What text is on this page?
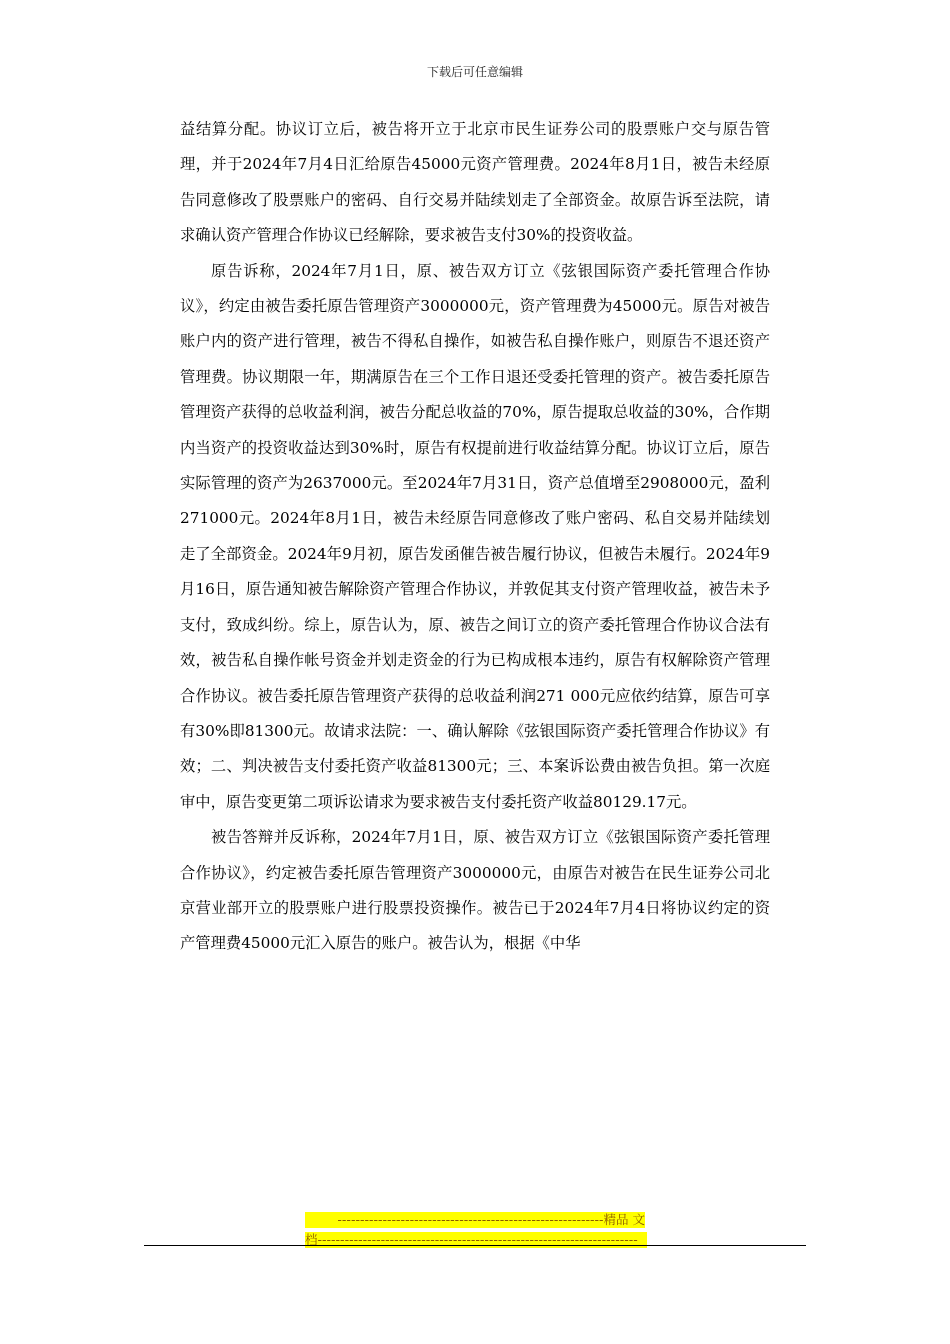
下载后可任意编辑

益结算分配。协议订立后，被告将开立于北京市民生证券公司的股票账户交与原告管理，并于2024年7月4日汇给原告45000元资产管理费。2024年8月1日，被告未经原告同意修改了股票账户的密码、自行交易并陆续划走了全部资金。故原告诉至法院，请求确认资产管理合作协议已经解除，要求被告支付30%的投资收益。

原告诉称，2024年7月1日，原、被告双方订立《弦银国际资产委托管理合作协议》，约定由被告委托原告管理资产3000000元，资产管理费为45000元。原告对被告账户内的资产进行管理，被告不得私自操作，如被告私自操作账户，则原告不退还资产管理费。协议期限一年，期满原告在三个工作日退还受委托管理的资产。被告委托原告管理资产获得的总收益利润，被告分配总收益的70%，原告提取总收益的30%，合作期内当资产的投资收益达到30%时，原告有权提前进行收益结算分配。协议订立后，原告实际管理的资产为2637000元。至2024年7月31日，资产总值增至2908000元，盈利271000元。2024年8月1日，被告未经原告同意修改了账户密码、私自交易并陆续划走了全部资金。2024年9月初，原告发函催告被告履行协议，但被告未履行。2024年9月16日，原告通知被告解除资产管理合作协议，并敦促其支付资产管理收益，被告未予支付，致成纠纷。综上，原告认为，原、被告之间订立的资产委托管理合作协议合法有效，被告私自操作帐号资金并划走资金的行为已构成根本违约，原告有权解除资产管理合作协议。被告委托原告管理资产获得的总收益利润271 000元应依约结算，原告可享有30%即81300元。故请求法院：一、确认解除《弦银国际资产委托管理合作协议》有效；二、判决被告支付委托资产收益81300元；三、本案诉讼费由被告负担。第一次庭审中，原告变更第二项诉讼请求为要求被告支付委托资产收益80129.17元。

被告答辩并反诉称，2024年7月1日，原、被告双方订立《弦银国际资产委托管理合作协议》，约定被告委托原告管理资产3000000元，由原告对被告在民生证券公司北京营业部开立的股票账户进行股票投资操作。被告已于2024年7月4日将协议约定的资产管理费45000元汇入原告的账户。被告认为，根据《中华

-----------------------------------------------------------精品 文
档-----------------------------------------------------------------------
